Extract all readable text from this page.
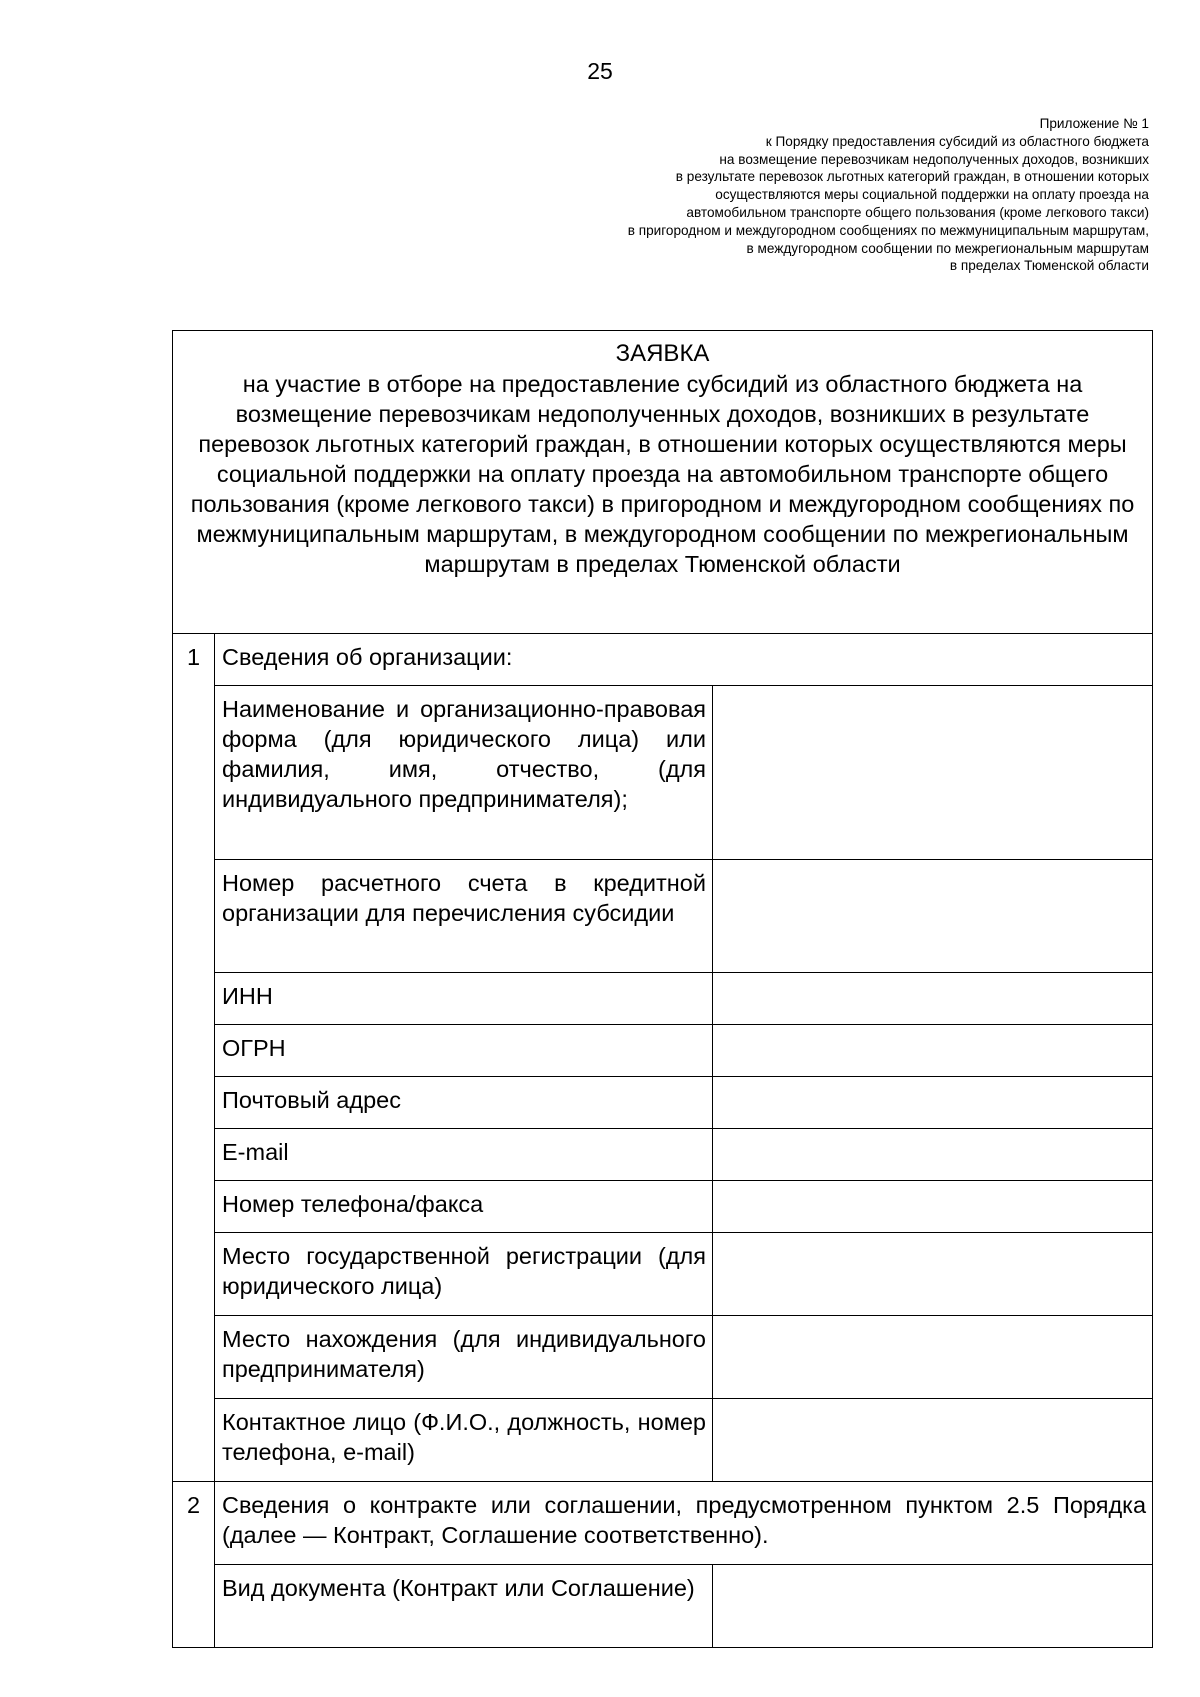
25
Приложение № 1
к Порядку предоставления субсидий из областного бюджета
на возмещение перевозчикам недополученных доходов, возникших
в результате перевозок льготных категорий граждан, в отношении которых
осуществляются меры социальной поддержки на оплату проезда на
автомобильном транспорте общего пользования (кроме легкового такси)
в пригородном и междугородном сообщениях по межмуниципальным маршрутам,
в междугородном сообщении по межрегиональным маршрутам
в пределах Тюменской области
ЗАЯВКА
на участие в отборе на предоставление субсидий из областного бюджета на возмещение перевозчикам недополученных доходов, возникших в результате перевозок льготных категорий граждан, в отношении которых осуществляются меры социальной поддержки на оплату проезда на автомобильном транспорте общего пользования (кроме легкового такси) в пригородном и междугородном сообщениях по межмуниципальным маршрутам, в междугородном сообщении по межрегиональным маршрутам в пределах Тюменской области		

1	Сведения об организации:	
	Наименование и организационно-правовая форма (для юридического лица) или фамилия, имя, отчество, (для индивидуального предпринимателя);	
	Номер расчетного счета в кредитной организации для перечисления субсидии	
	ИНН	
	ОГРН	
	Почтовый адрес	
	E-mail	
	Номер телефона/факса	
	Место государственной регистрации (для юридического лица)	
	Место нахождения (для индивидуального предпринимателя)	
	Контактное лицо (Ф.И.О., должность, номер телефона, e-mail)	
2	Сведения о контракте или соглашении, предусмотренном пунктом 2.5 Порядка (далее — Контракт, Соглашение соответственно).	
	Вид документа (Контракт или Соглашение)	
